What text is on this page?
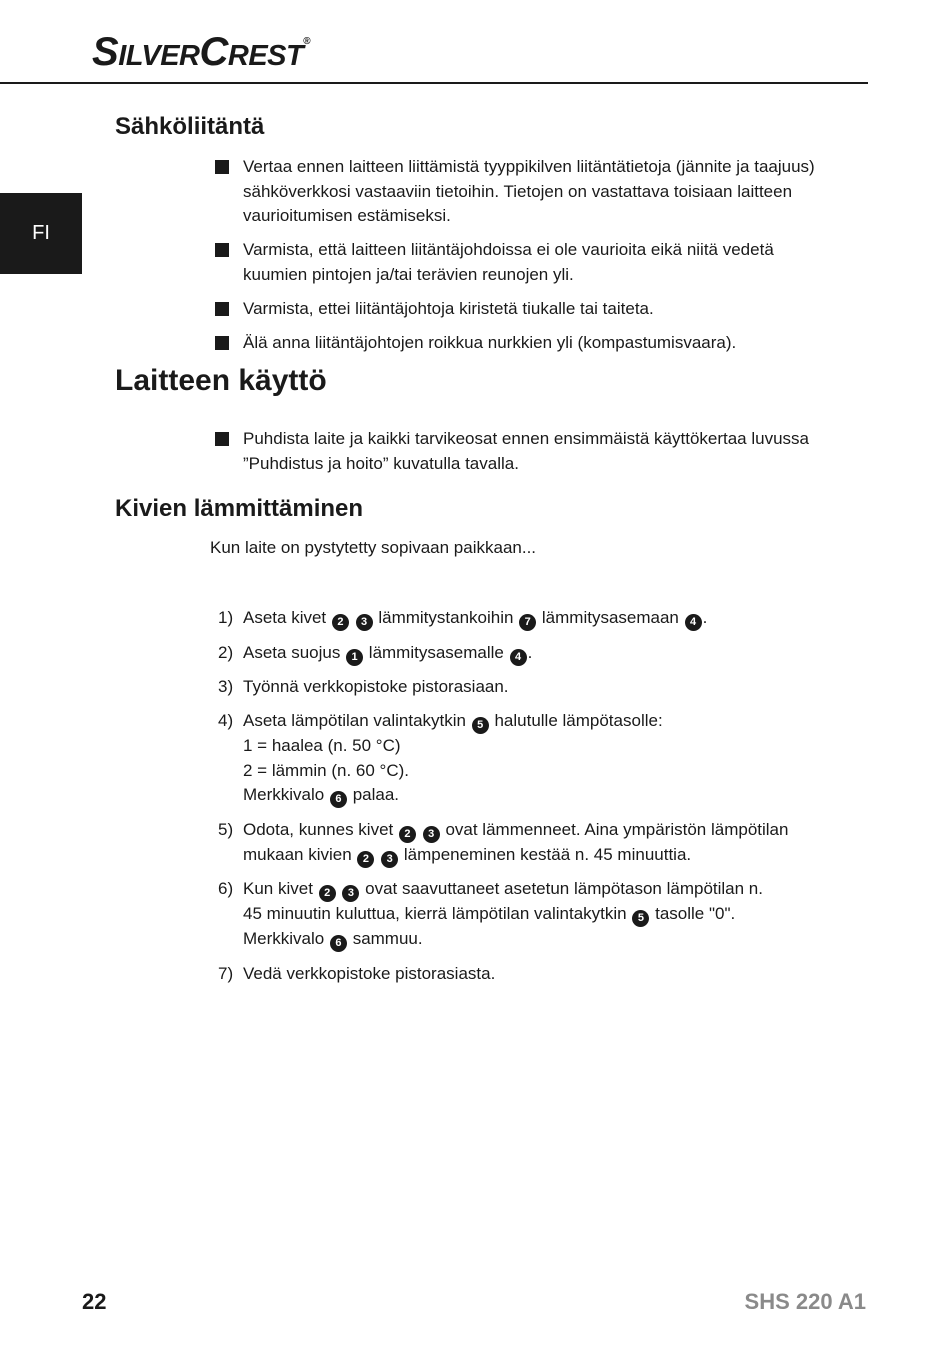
SILVERCREST®
FI
Sähköliitäntä
Vertaa ennen laitteen liittämistä tyyppikilven liitäntätietoja (jännite ja taajuus)
sähköverkkosi vastaaviin tietoihin. Tietojen on vastattava toisiaan laitteen
vaurioitumisen estämiseksi.
Varmista, että laitteen liitäntäjohdoissa ei ole vaurioita eikä niitä vedetä
kuumien pintojen ja/tai terävien reunojen yli.
Varmista, ettei liitäntäjohtoja kiristetä tiukalle tai taiteta.
Älä anna liitäntäjohtojen roikkua nurkkien yli (kompastumisvaara).
Laitteen käyttö
Puhdista laite ja kaikki tarvikeosat ennen ensimmäistä käyttökertaa luvussa
”Puhdistus ja hoito” kuvatulla tavalla.
Kivien lämmittäminen
Kun laite on pystytetty sopivaan paikkaan...
1) Aseta kivet 2 3 lämmitystankoihin 7 lämmitysasemaan 4 .
2) Aseta suojus 1 lämmitysasemalle 4 .
3) Työnnä verkkopistoke pistorasiaan.
4) Aseta lämpötilan valintakytkin 5 halutulle lämpötasolle:
1 = haalea (n. 50 °C)
2 = lämmin (n. 60 °C).
Merkkivalo 6 palaa.
5) Odota, kunnes kivet 2 3 ovat lämmenneet. Aina ympäristön lämpötilan
mukaan kivien 2 3 lämpeneminen kestää n. 45 minuuttia.
6) Kun kivet 2 3 ovat saavuttaneet asetetun lämpötason lämpötilan n.
45 minuutin kuluttua, kierrä lämpötilan valintakytkin 5 tasolle "0".
Merkkivalo 6 sammuu.
7) Vedä verkkopistoke pistorasiasta.
22	SHS 220 A1
